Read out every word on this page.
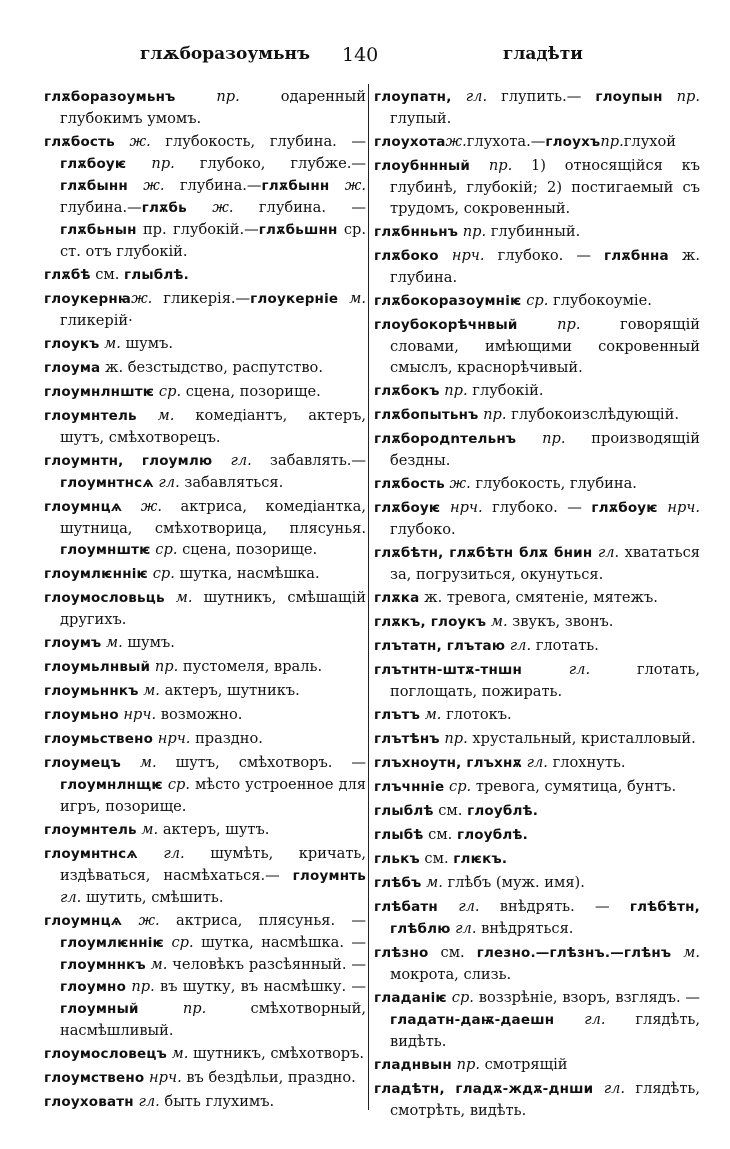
глѫборазоумьнъ 140	гладѣти

глѫборазоумьнъ пр. одаренный глубокимъ умомъ.

глѫбость ж. глубокость, глубина. — глѫбоуѥ пр. глубоко, глубже.—глѫбынн ж. глубина.—глѫбынн ж. глубина.—глѫбь ж. глубина. — глѫбьнын пр. глубокій.—глѫбьшнн ср. ст. отъ глубокій.

глѫбѣ см. глыблѣ.

глоукернꙗж. гликерія.—глоукерніе м. гликерій·

глоукъ м. шумъ.

глоума ж. безстыдство, распутство.

глоумнлнштѥ ср. сцена, позорище.

глоумнтель м. комедіантъ, актеръ, шутъ, смѣхотворецъ.

глоумнтн, глоумлю гл. забавлять.—глоумнтнсѧ гл. забавляться.

глоумнцѧ ж. актриса, комедіантка, шутница, смѣхотворица, плясунья. глоумнштѥ ср. сцена, позорище.

глоумлѥнніѥ ср. шутка, насмѣшка.

глоумословьць м. шутникъ, смѣшащій другихъ.

глоумъ м. шумъ.

глоумьлнвый пр. пустомеля, враль.

глоумьннкъ м. актеръ, шутникъ.

глоумьно нрч. возможно.

глоумьствено нрч. праздно.

глоумецъ м. шутъ, смѣхотворъ. — глоумнлнщѥ ср. мѣсто устроенное для игръ, позорище.

глоумнтель м. актеръ, шутъ.

глоумнтнсѧ гл. шумѣть, кричать, издѣваться, насмѣхаться.— глоумнть гл. шутить, смѣшить.

глоумнцѧ ж. актриса, плясунья. — глоумлѥнніѥ ср. шутка, насмѣшка. — глоумннкъ м. человѣкъ разсѣянный. — глоумно пр. въ шутку, въ насмѣшку. — глоумный пр. смѣхотворный, насмѣшливый.

глоумословецъ м. шутникъ, смѣхотворъ.

глоумствено нрч. въ бездѣльи, праздно.

глоуховатн гл. быть глухимъ.

глоупатн, гл. глупить.— глоупын пр. глупый.

глоухотаж.глухота.—глоухъпр.глухой

глоубннный пр. 1) относящійся къ глубинѣ, глубокій; 2) постигаемый съ трудомъ, сокровенный.

глѫбнньнъ пр. глубинный.

глѫбоко нрч. глубоко. — глѫбнна ж. глубина.

глѫбокоразоумніѥ ср. глубокоуміе.

глоубокорѣчнвый пр. говорящій словами, имѣющими сокровенный смыслъ, краснорѣчивый.

глѫбокъ пр. глубокій.

глѫбопытьнъ пр. глубокоизслѣдующій.

глѫбородnтельнъ пр. производящій бездны.

глѫбость ж. глубокость, глубина.

глѫбоуѥ нрч. глубоко. — глѫбоуѥ нрч. глубоко.

глѫбѣтн, глѫбѣтн блѫ бнин гл. хвататься за, погрузиться, окунуться.

глѫка ж. тревога, смятеніе, мятежъ.

глѫкъ, глоукъ м. звукъ, звонъ.

глътатн, глътаю гл. глотать.

глътнтн-штѫ-тншн гл. глотать, поглощать, пожирать.

глътъ м. глотокъ.

глътѣнъ пр. хрустальный, кристалловый.

глъхноутн, глъхнѫ гл. глохнуть.

глъчнніе ср. тревога, сумятица, бунтъ.

глыблѣ см. глоублѣ.

глыбѣ см. глоублѣ.

глькъ см. глѥкъ.

глѣбъ м. глѣбъ (муж. имя).

глѣбатн гл. внѣдрять. — глѣбѣтн, глѣблю гл. внѣдряться.

глѣзно см. глезно.—глѣзнъ.—глѣнъ м. мокрота, слизь.

гладаніѥ ср. воззрѣніе, взоръ, взглядъ. — гладатн-даѭ-даешн гл. глядѣть, видѣть.

гладнвын пр. смотрящій

гладѣтн, гладѫ-ждѫ-днши гл. глядѣть, смотрѣть, видѣть.
